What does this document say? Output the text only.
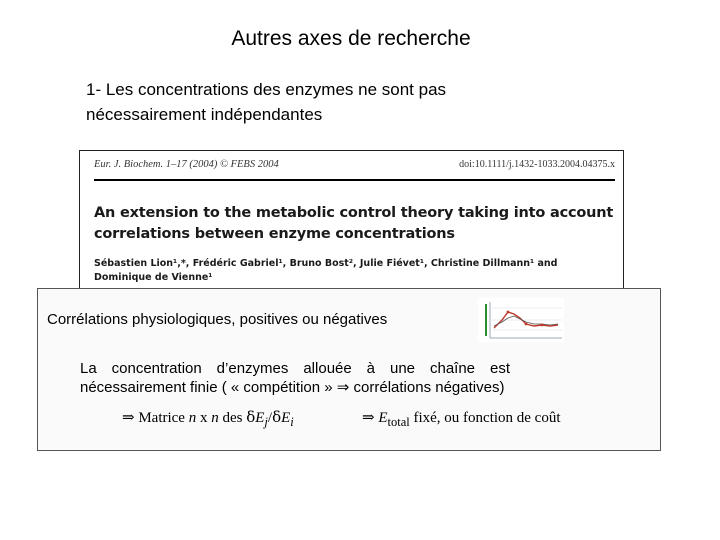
Autres axes de recherche
1- Les concentrations des enzymes ne sont pas nécessairement indépendantes
Eur. J. Biochem. 1–17 (2004) © FEBS 2004	doi:10.1111/j.1432-1033.2004.04375.x
An extension to the metabolic control theory taking into account correlations between enzyme concentrations
Sébastien Lion¹,*, Frédéric Gabriel¹, Bruno Bost², Julie Fiévet¹, Christine Dillmann¹ and Dominique de Vienne¹
Corrélations physiologiques, positives ou négatives
La concentration d’enzymes allouée à une chaîne est nécessairement finie ( « compétition » ⇒ corrélations négatives)
⇒ Matrice n x n des $\delta E_j/\delta E_i$	⇒ $E_{total}$ fixé, ou fonction de coût
